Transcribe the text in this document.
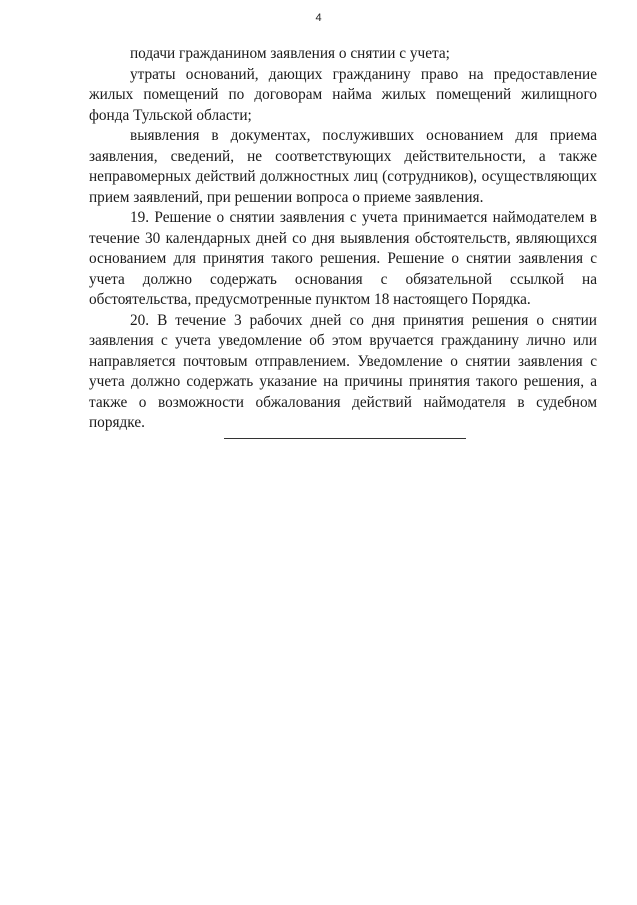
4

подачи гражданином заявления о снятии с учета;

утраты оснований, дающих гражданину право на предоставление жилых помещений по договорам найма жилых помещений жилищного фонда Тульской области;

выявления в документах, послуживших основанием для приема заявления, сведений, не соответствующих действительности, а также неправомерных действий должностных лиц (сотрудников), осуществляющих прием заявлений, при решении вопроса о приеме заявления.

19. Решение о снятии заявления с учета принимается наймодателем в течение 30 календарных дней со дня выявления обстоятельств, являющихся основанием для принятия такого решения. Решение о снятии заявления с учета должно содержать основания с обязательной ссылкой на обстоятельства, предусмотренные пунктом 18 настоящего Порядка.

20. В течение 3 рабочих дней со дня принятия решения о снятии заявления с учета уведомление об этом вручается гражданину лично или направляется почтовым отправлением. Уведомление о снятии заявления с учета должно содержать указание на причины принятия такого решения, а также о возможности обжалования действий наймодателя в судебном порядке.
